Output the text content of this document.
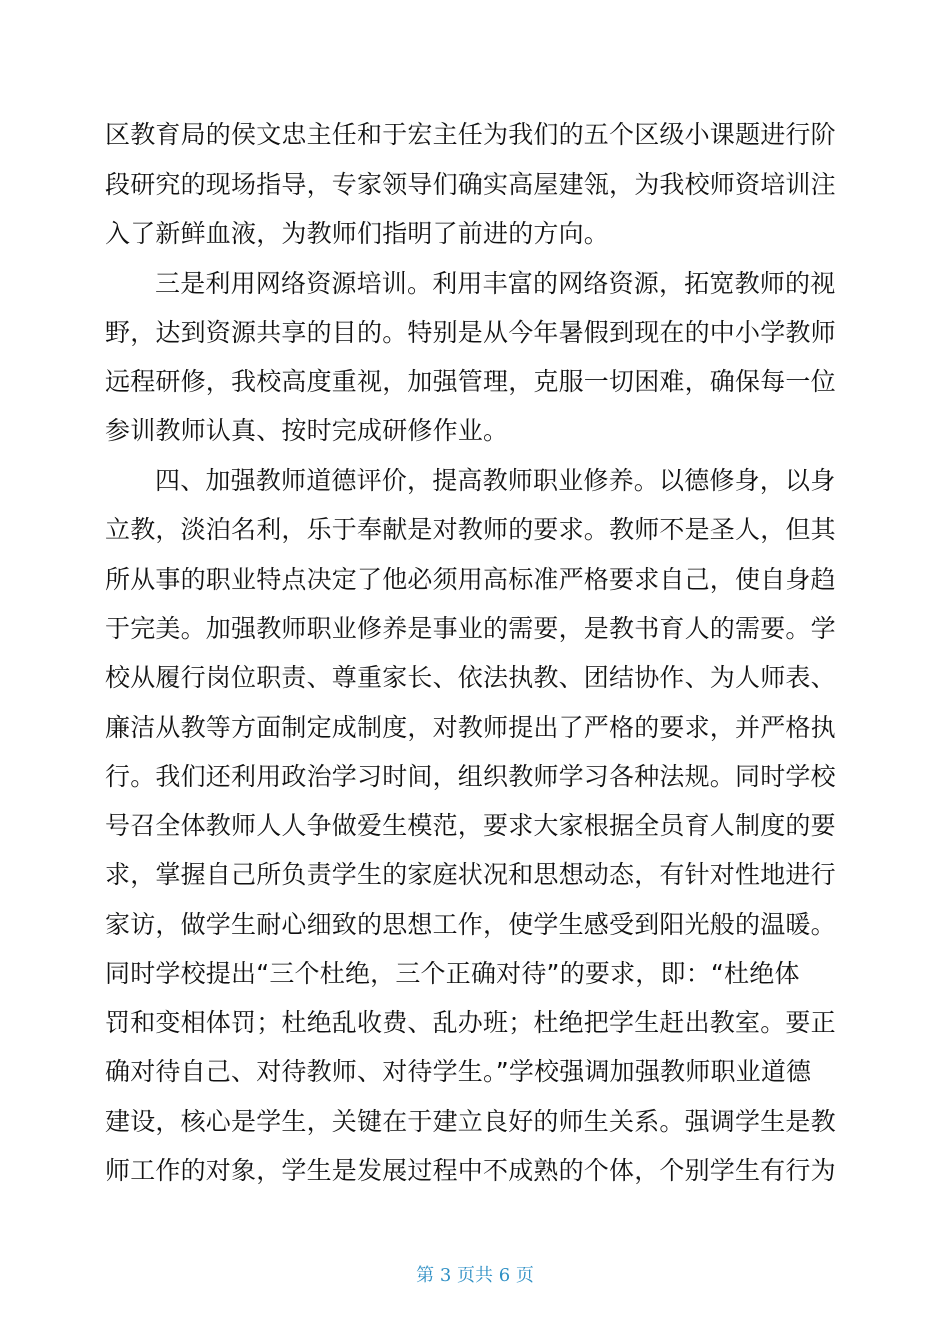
区教育局的侯文忠主任和于宏主任为我们的五个区级小课题进行阶
段研究的现场指导，专家领导们确实高屋建瓴，为我校师资培训注
入了新鲜血液，为教师们指明了前进的方向。
三是利用网络资源培训。利用丰富的网络资源，拓宽教师的视
野，达到资源共享的目的。特别是从今年暑假到现在的中小学教师
远程研修，我校高度重视，加强管理，克服一切困难，确保每一位
参训教师认真、按时完成研修作业。
四、加强教师道德评价，提高教师职业修养。以德修身，以身
立教，淡泊名利，乐于奉献是对教师的要求。教师不是圣人，但其
所从事的职业特点决定了他必须用高标准严格要求自己，使自身趋
于完美。加强教师职业修养是事业的需要，是教书育人的需要。学
校从履行岗位职责、尊重家长、依法执教、团结协作、为人师表、
廉洁从教等方面制定成制度，对教师提出了严格的要求，并严格执
行。我们还利用政治学习时间，组织教师学习各种法规。同时学校
号召全体教师人人争做爱生模范，要求大家根据全员育人制度的要
求，掌握自己所负责学生的家庭状况和思想动态，有针对性地进行
家访，做学生耐心细致的思想工作，使学生感受到阳光般的温暖。
同时学校提出“三个杜绝，三个正确对待”的要求，即：“杜绝体
罚和变相体罚；杜绝乱收费、乱办班；杜绝把学生赶出教室。要正
确对待自己、对待教师、对待学生。”学校强调加强教师职业道德
建设，核心是学生，关键在于建立良好的师生关系。强调学生是教
师工作的对象，学生是发展过程中不成熟的个体，个别学生有行为
第 3 页共 6 页
